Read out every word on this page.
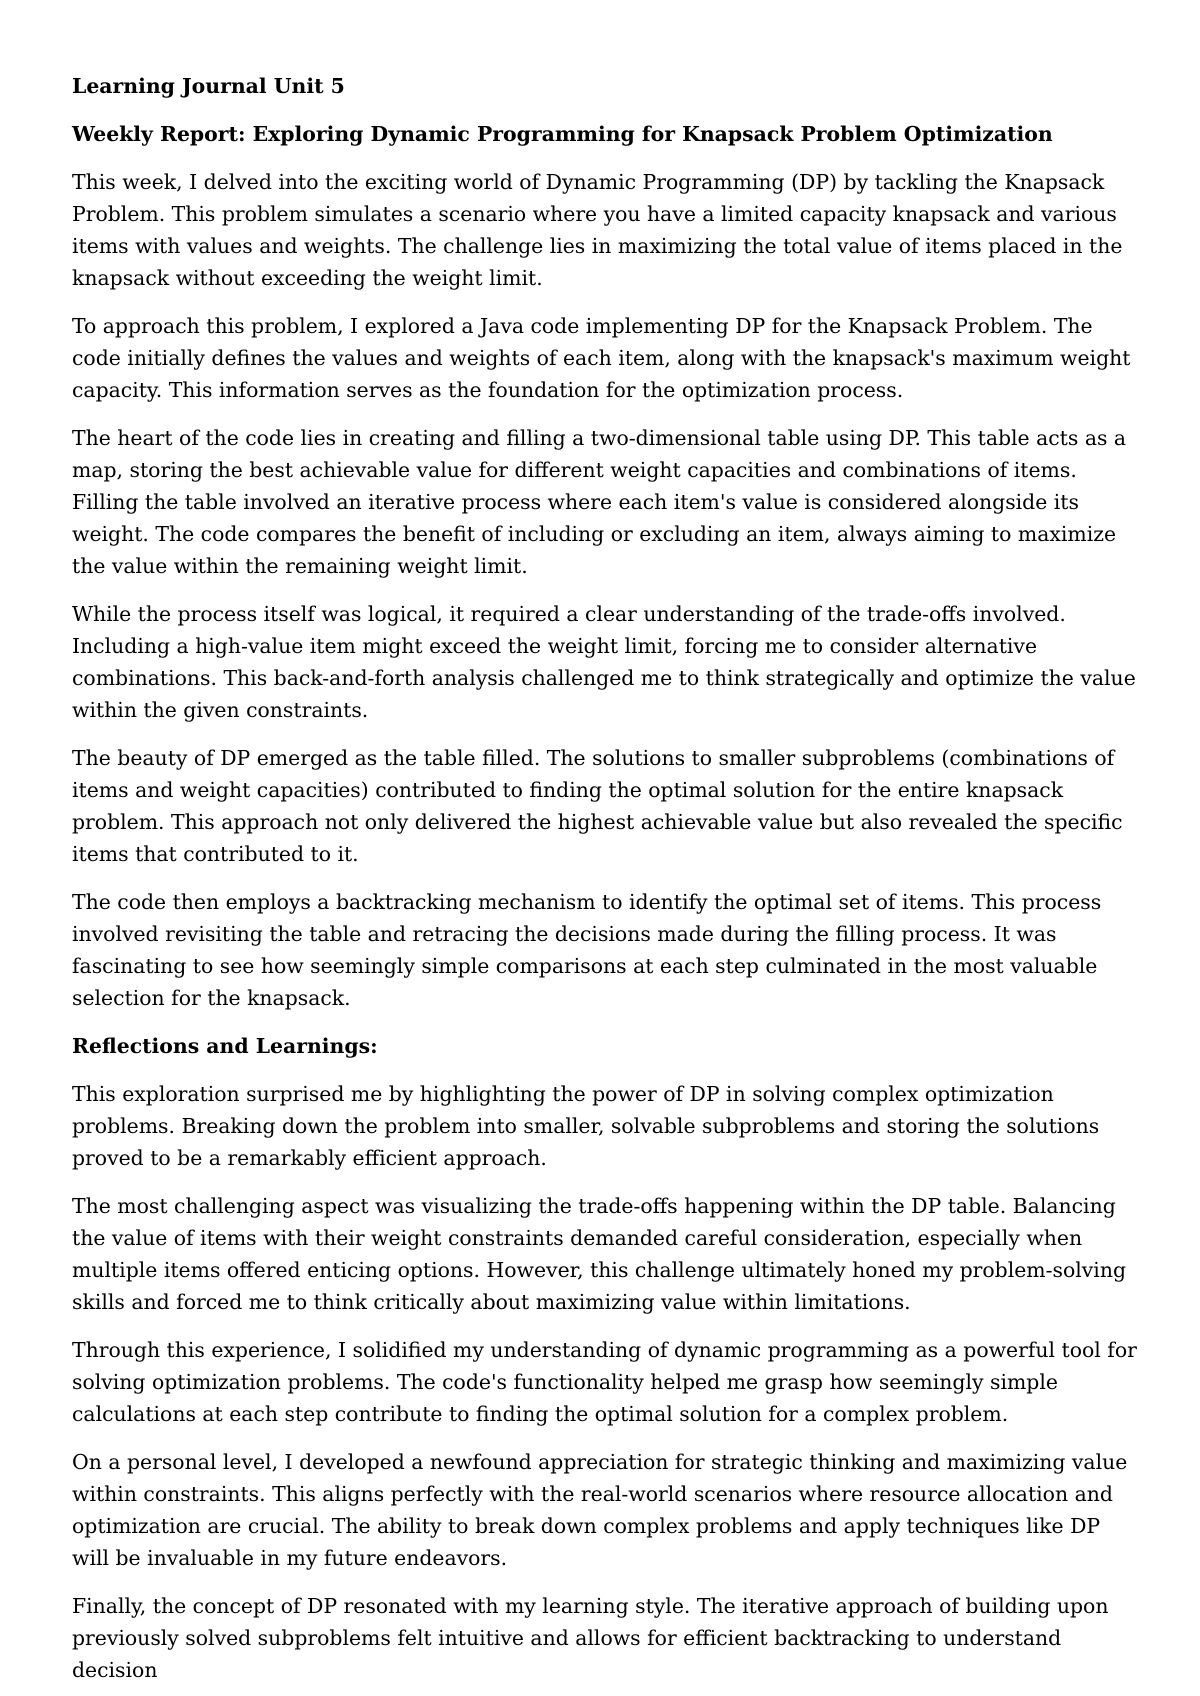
Learning Journal Unit 5
Weekly Report: Exploring Dynamic Programming for Knapsack Problem Optimization

This week, I delved into the exciting world of Dynamic Programming (DP) by tackling the Knapsack Problem. This problem simulates a scenario where you have a limited capacity knapsack and various items with values and weights. The challenge lies in maximizing the total value of items placed in the knapsack without exceeding the weight limit.

To approach this problem, I explored a Java code implementing DP for the Knapsack Problem. The code initially defines the values and weights of each item, along with the knapsack's maximum weight capacity. This information serves as the foundation for the optimization process.

The heart of the code lies in creating and filling a two-dimensional table using DP. This table acts as a map, storing the best achievable value for different weight capacities and combinations of items. Filling the table involved an iterative process where each item's value is considered alongside its weight. The code compares the benefit of including or excluding an item, always aiming to maximize the value within the remaining weight limit.

While the process itself was logical, it required a clear understanding of the trade-offs involved. Including a high-value item might exceed the weight limit, forcing me to consider alternative combinations. This back-and-forth analysis challenged me to think strategically and optimize the value within the given constraints.

The beauty of DP emerged as the table filled. The solutions to smaller subproblems (combinations of items and weight capacities) contributed to finding the optimal solution for the entire knapsack problem. This approach not only delivered the highest achievable value but also revealed the specific items that contributed to it.

The code then employs a backtracking mechanism to identify the optimal set of items. This process involved revisiting the table and retracing the decisions made during the filling process. It was fascinating to see how seemingly simple comparisons at each step culminated in the most valuable selection for the knapsack.

Reflections and Learnings:

This exploration surprised me by highlighting the power of DP in solving complex optimization problems. Breaking down the problem into smaller, solvable subproblems and storing the solutions proved to be a remarkably efficient approach.

The most challenging aspect was visualizing the trade-offs happening within the DP table. Balancing the value of items with their weight constraints demanded careful consideration, especially when multiple items offered enticing options. However, this challenge ultimately honed my problem-solving skills and forced me to think critically about maximizing value within limitations.

Through this experience, I solidified my understanding of dynamic programming as a powerful tool for solving optimization problems. The code's functionality helped me grasp how seemingly simple calculations at each step contribute to finding the optimal solution for a complex problem.

On a personal level, I developed a newfound appreciation for strategic thinking and maximizing value within constraints. This aligns perfectly with the real-world scenarios where resource allocation and optimization are crucial. The ability to break down complex problems and apply techniques like DP will be invaluable in my future endeavors.

Finally, the concept of DP resonated with my learning style. The iterative approach of building upon previously solved subproblems felt intuitive and allows for efficient backtracking to understand decision
